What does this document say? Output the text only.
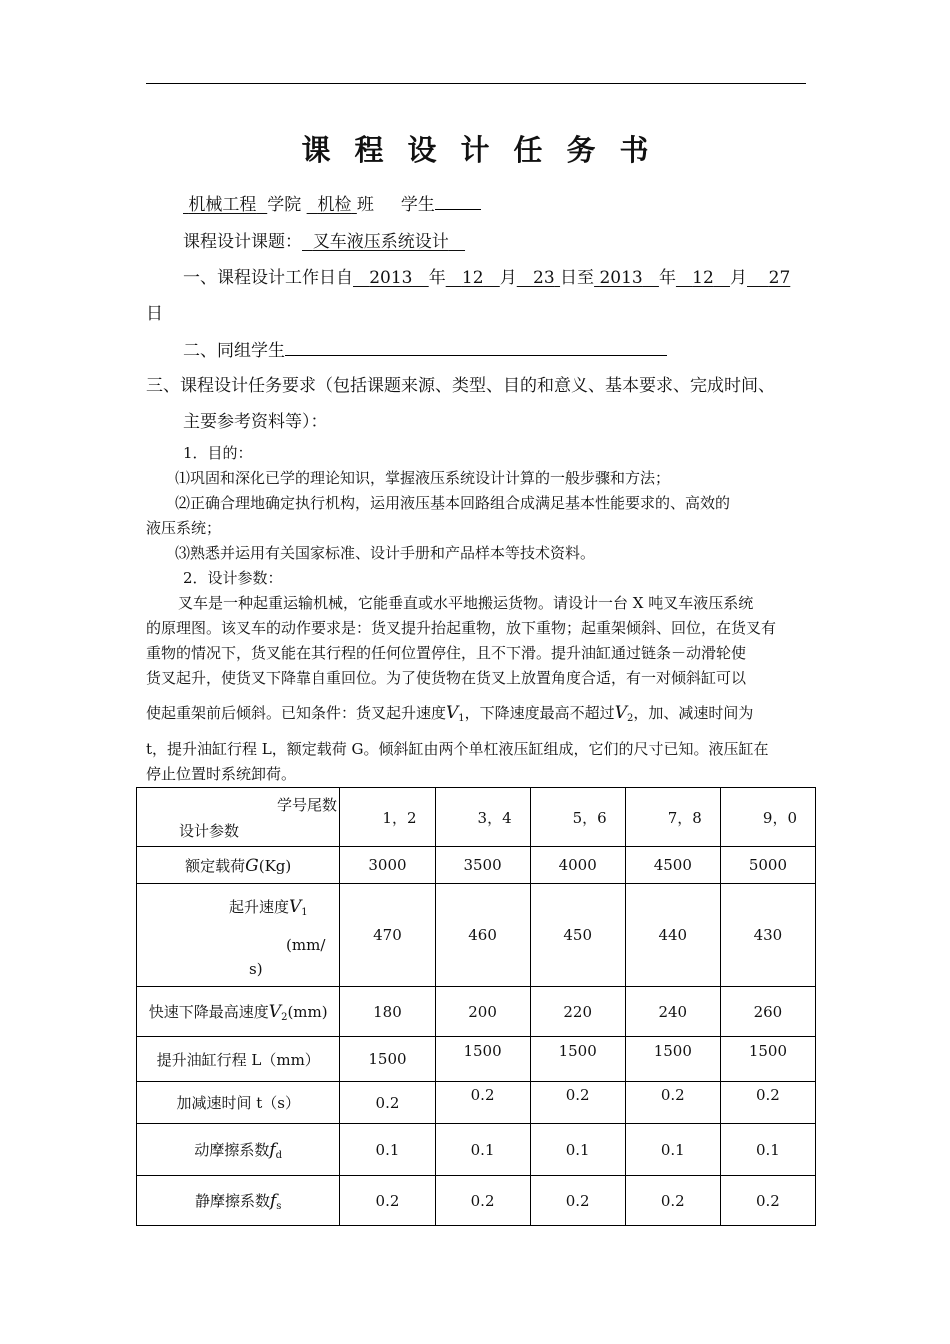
课 程 设 计 任 务 书
机械工程 学院 机检 班 学生
课程设计课题： 叉车液压系统设计
一、课程设计工作日自 2013 年 12 月 23 日至 2013 年 12 月 27
日
二、同组学生
三、课程设计任务要求（包括课题来源、类型、目的和意义、基本要求、完成时间、
主要参考资料等）：
1．目的：
⑴巩固和深化已学的理论知识，掌握液压系统设计计算的一般步骤和方法；
⑵正确合理地确定执行机构，运用液压基本回路组合成满足基本性能要求的、高效的
液压系统；
⑶熟悉并运用有关国家标准、设计手册和产品样本等技术资料。
2．设计参数：
叉车是一种起重运输机械，它能垂直或水平地搬运货物。请设计一台 X 吨叉车液压系统
的原理图。该叉车的动作要求是：货叉提升抬起重物，放下重物；起重架倾斜、回位，在货叉有
重物的情况下，货叉能在其行程的任何位置停住，且不下滑。提升油缸通过链条－动滑轮使
货叉起升，使货叉下降靠自重回位。为了使货物在货叉上放置角度合适，有一对倾斜缸可以
使起重架前后倾斜。已知条件：货叉起升速度$V_1$，下降速度最高不超过$V_2$，加、减速时间为
t，提升油缸行程 L，额定载荷 G。倾斜缸由两个单杠液压缸组成，它们的尺寸已知。液压缸在
停止位置时系统卸荷。
学号尾数
设计参数	1，2	3，4	5，6	7，8	9，0
额定载荷G(Kg)	3000	3500	4000	4500	5000

起升速度$V_1$
(mm/
s)	470	460	450	440	430
快速下降最高速度$V_2(mm)$	180	200	220	240	260
提升油缸行程 L（mm）	1500	1500	1500	1500	1500
加减速时间 t（s）	0.2	0.2	0.2	0.2	0.2
动摩擦系数$f_d$	0.1	0.1	0.1	0.1	0.1
静摩擦系数$f_s$	0.2	0.2	0.2	0.2	0.2
